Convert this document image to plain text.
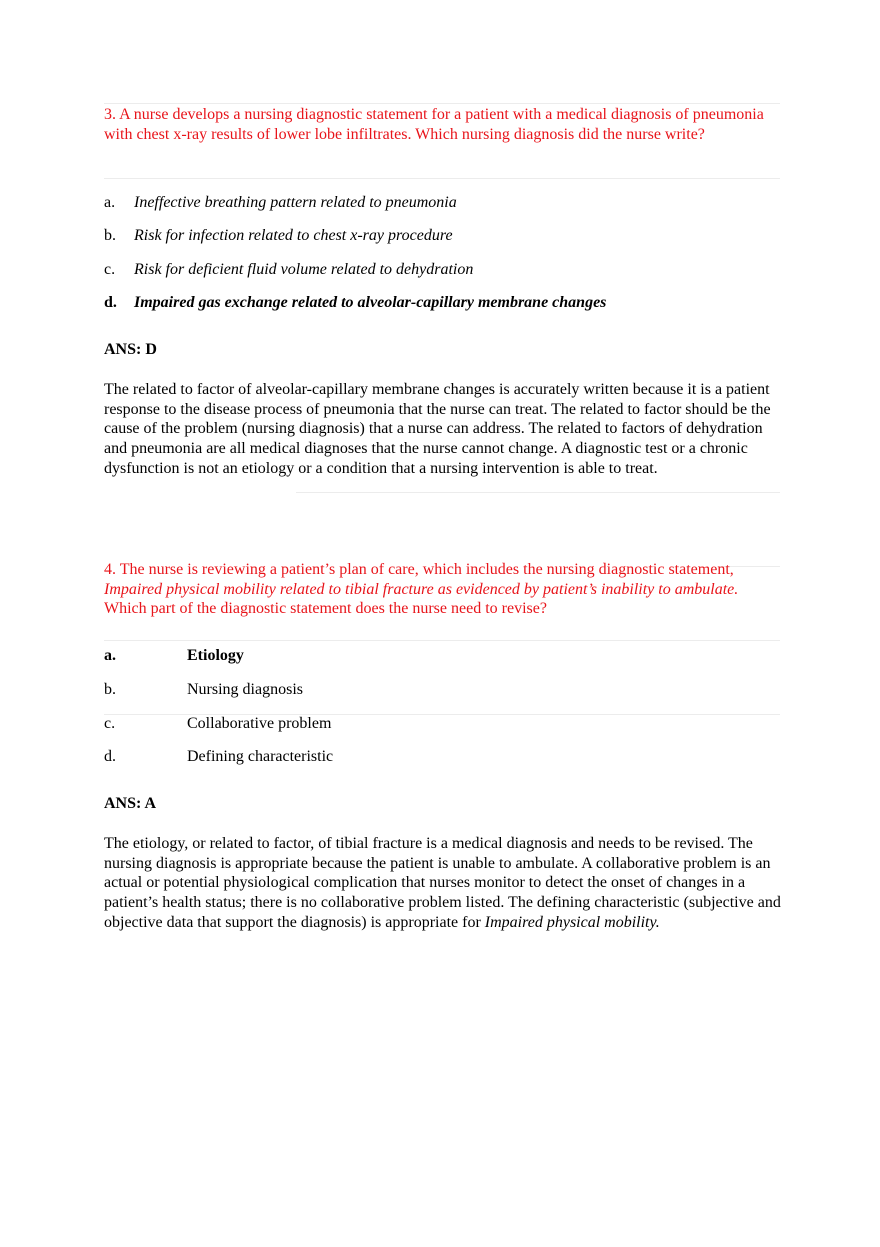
3. A nurse develops a nursing diagnostic statement for a patient with a medical diagnosis of pneumonia with chest x-ray results of lower lobe infiltrates. Which nursing diagnosis did the nurse write?
a. Ineffective breathing pattern related to pneumonia
b. Risk for infection related to chest x-ray procedure
c. Risk for deficient fluid volume related to dehydration
d. Impaired gas exchange related to alveolar-capillary membrane changes
ANS: D
The related to factor of alveolar-capillary membrane changes is accurately written because it is a patient response to the disease process of pneumonia that the nurse can treat. The related to factor should be the cause of the problem (nursing diagnosis) that a nurse can address. The related to factors of dehydration and pneumonia are all medical diagnoses that the nurse cannot change. A diagnostic test or a chronic dysfunction is not an etiology or a condition that a nursing intervention is able to treat.
4. The nurse is reviewing a patient’s plan of care, which includes the nursing diagnostic statement, Impaired physical mobility related to tibial fracture as evidenced by patient’s inability to ambulate. Which part of the diagnostic statement does the nurse need to revise?
a.	Etiology
b.	Nursing diagnosis
c.	Collaborative problem
d.	Defining characteristic
ANS: A
The etiology, or related to factor, of tibial fracture is a medical diagnosis and needs to be revised. The nursing diagnosis is appropriate because the patient is unable to ambulate. A collaborative problem is an actual or potential physiological complication that nurses monitor to detect the onset of changes in a patient’s health status; there is no collaborative problem listed. The defining characteristic (subjective and objective data that support the diagnosis) is appropriate for Impaired physical mobility.
